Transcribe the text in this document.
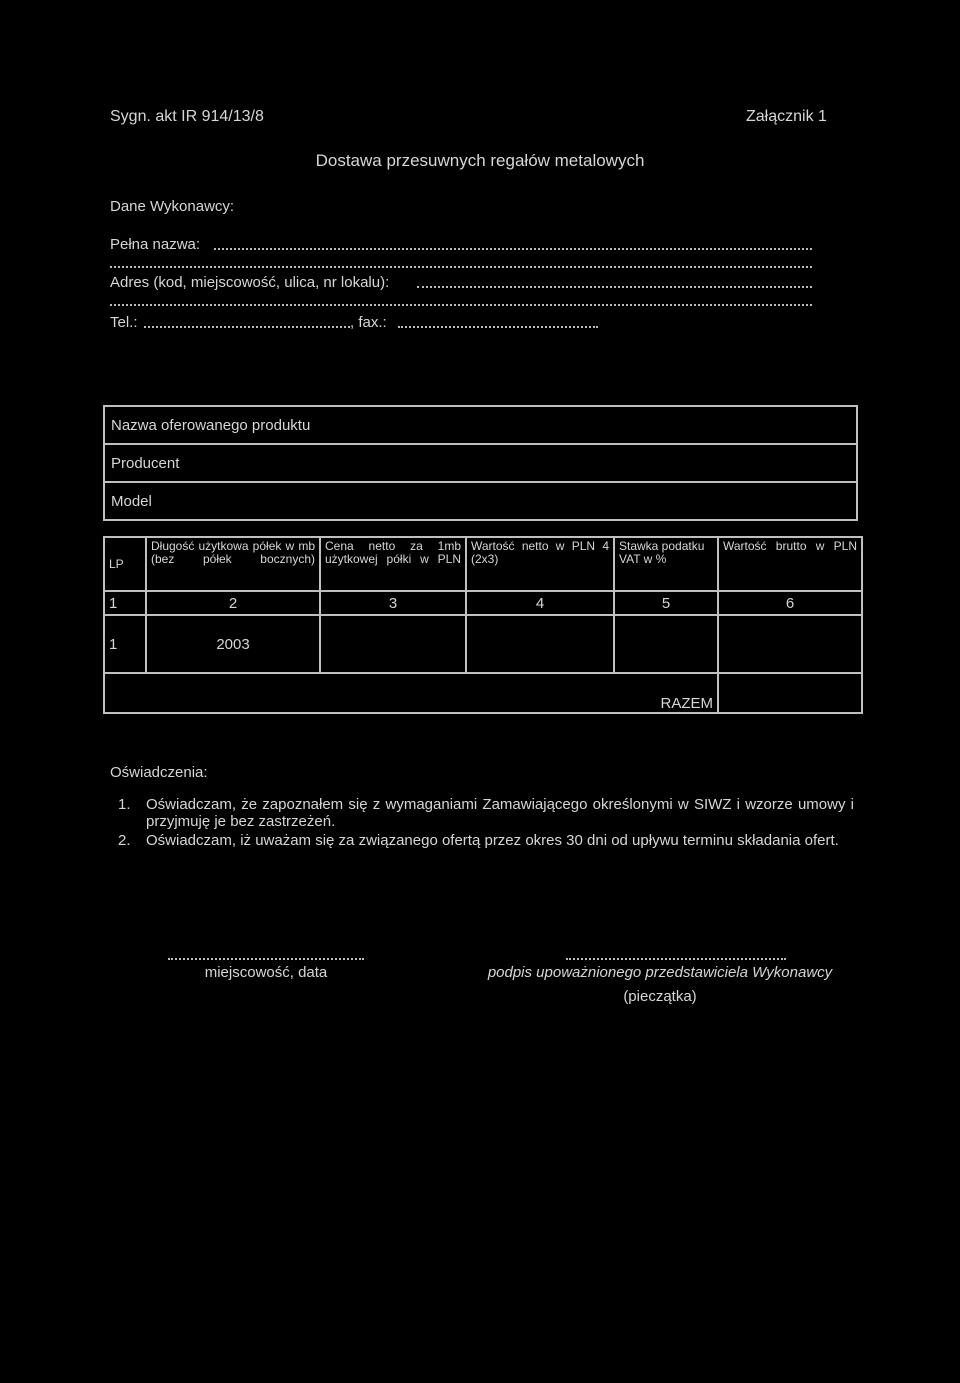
Sygn. akt IR 914/13/8	Załącznik 1
Dostawa przesuwnych regałów metalowych
Dane Wykonawcy:
Pełna nazwa:
Adres (kod, miejscowość, ulica, nr lokalu):
Tel.:	, fax.:
Nazwa oferowanego produktu
Producent
Model
LP	Długość użytkowa półek w mb (bez półek bocznych)	Cena netto za 1mb użytkowej półki w PLN	Wartość netto w PLN 4 (2x3)	Stawka podatku VAT w %	Wartość brutto w PLN
1	2	3	4	5	6
1	2003				
RAZEM					
Oświadczenia:
1. Oświadczam, że zapoznałem się z wymaganiami Zamawiającego określonymi w SIWZ i wzorze umowy i przyjmuję je bez zastrzeżeń.
2. Oświadczam, iż uważam się za związanego ofertą przez okres 30 dni od upływu terminu składania ofert.
miejscowość, data	podpis upoważnionego przedstawiciela Wykonawcy
(pieczątka)
